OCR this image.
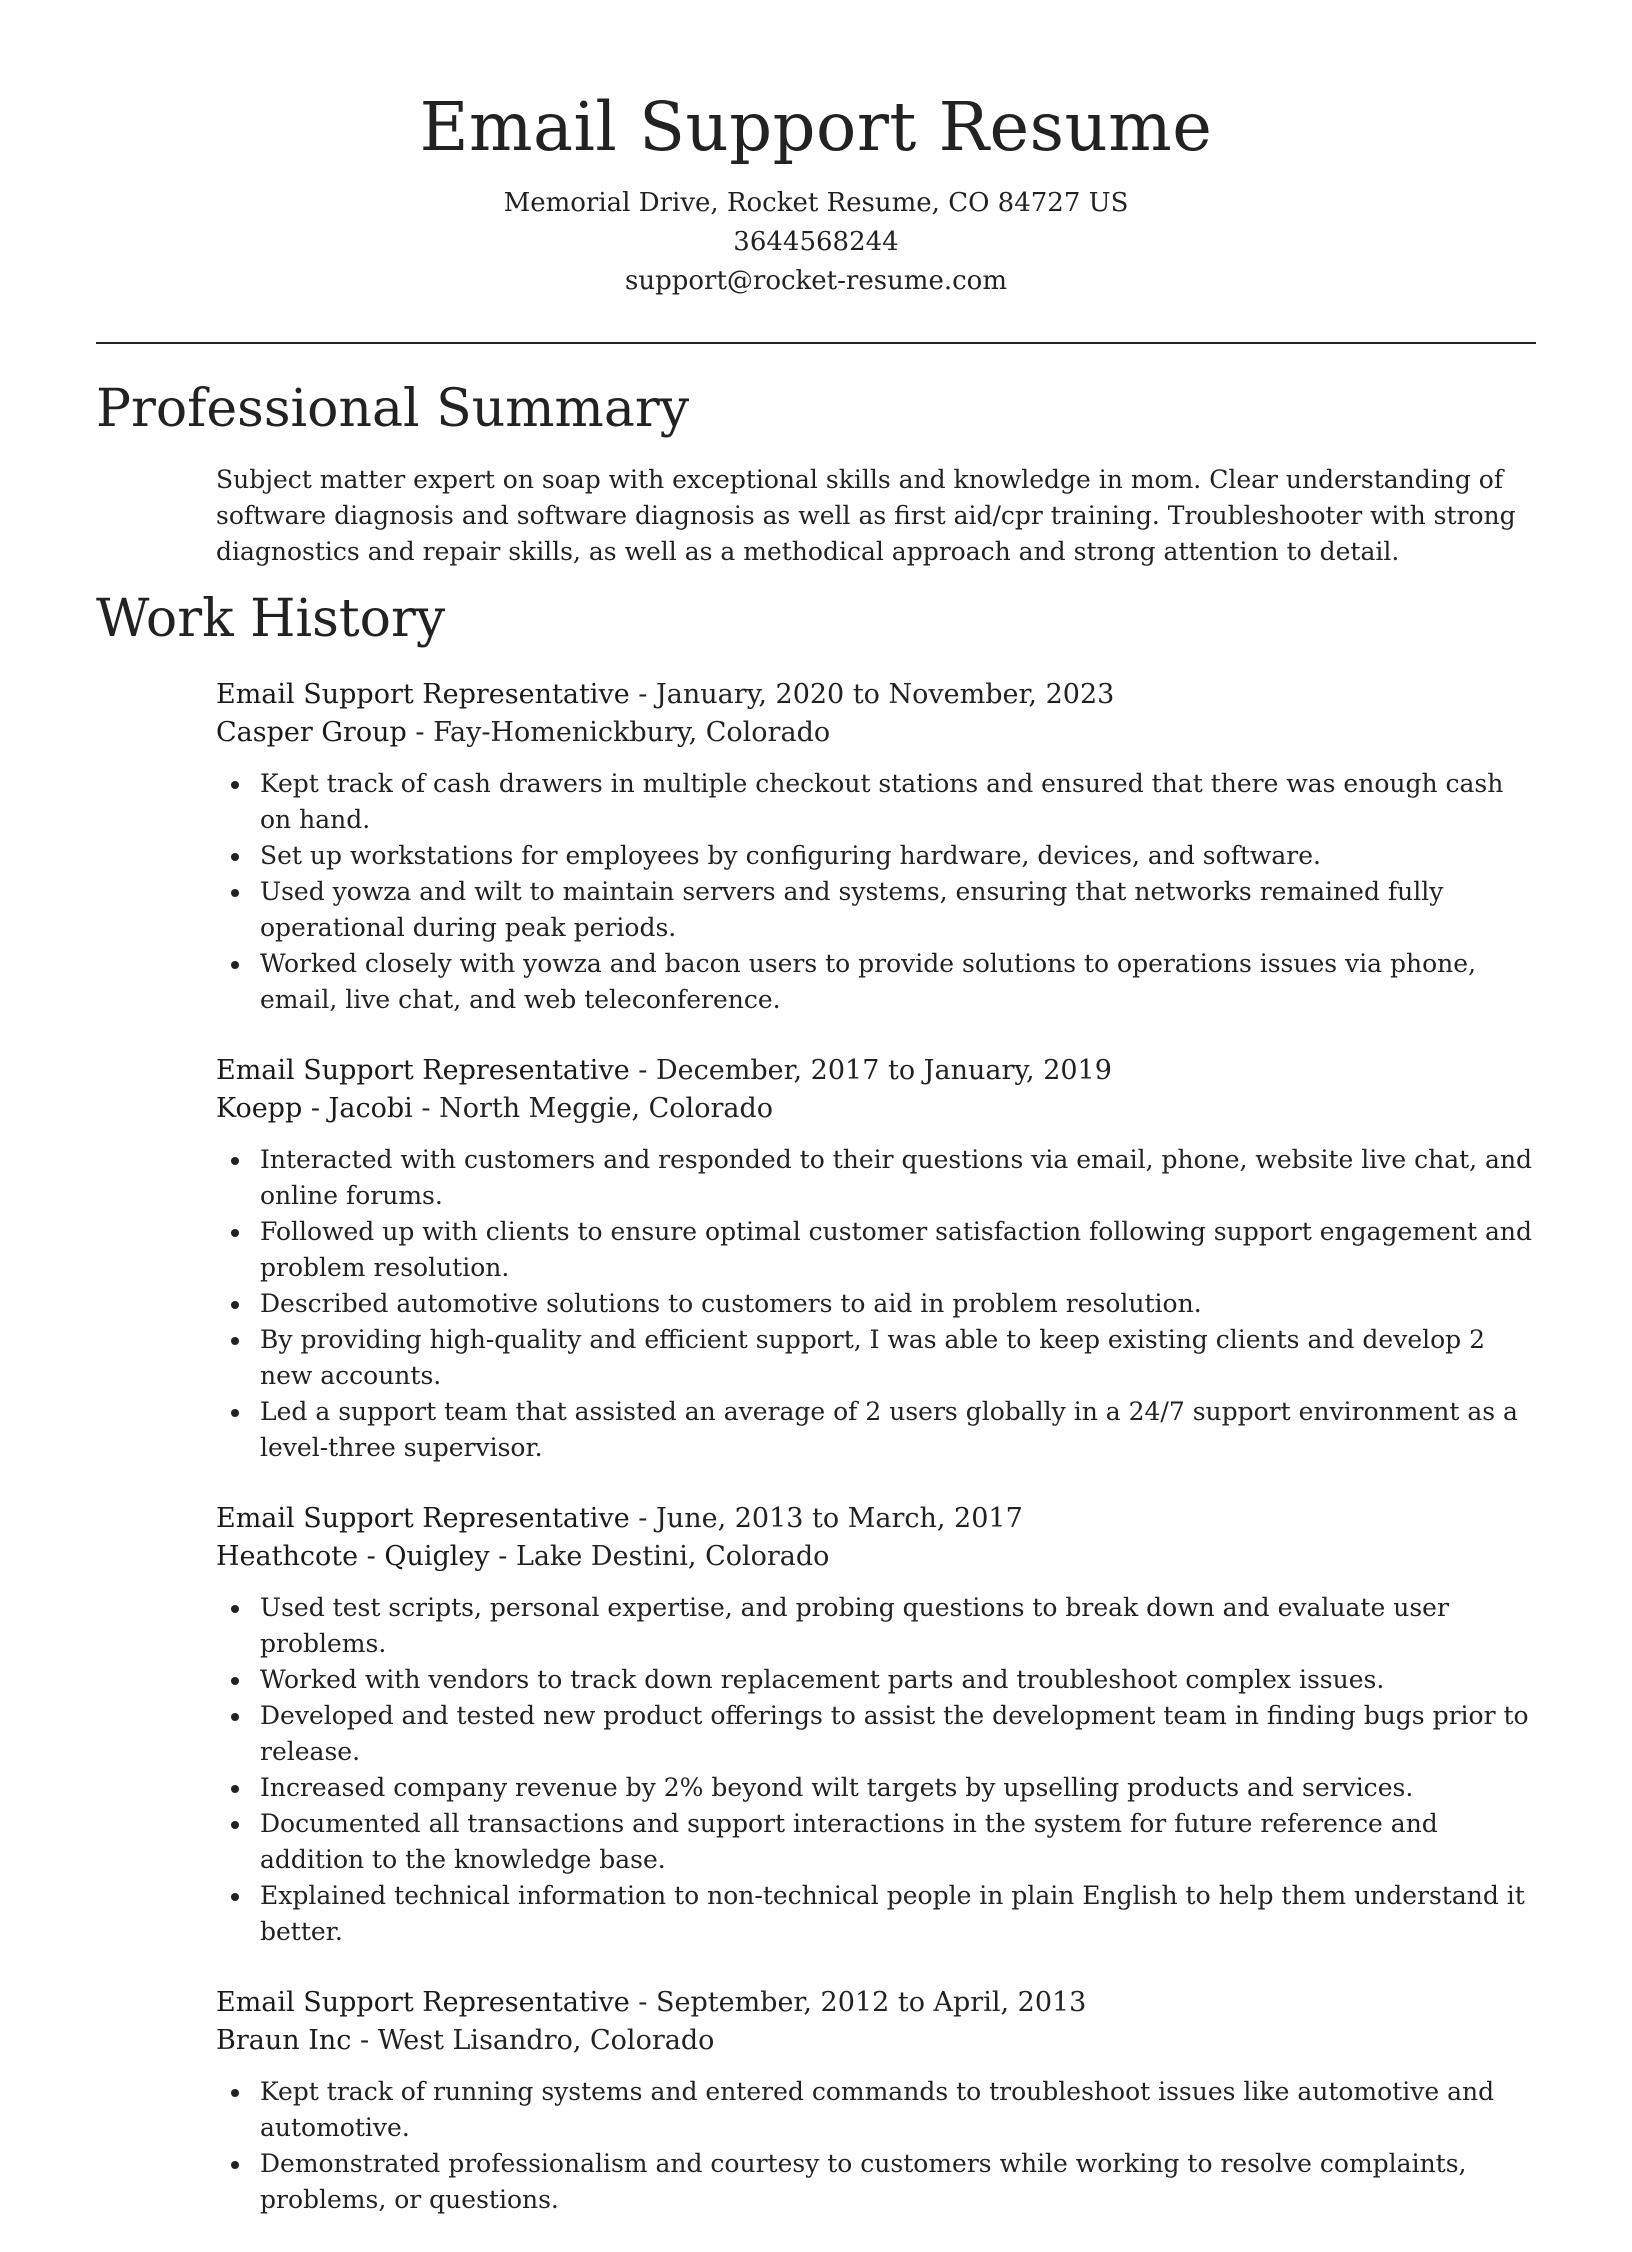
Email Support Resume

Memorial Drive, Rocket Resume, CO 84727 US

3644568244

support@rocket-resume.com

Professional Summary

Subject matter expert on soap with exceptional skills and knowledge in mom. Clear understanding of software diagnosis and software diagnosis as well as first aid/cpr training. Troubleshooter with strong diagnostics and repair skills, as well as a methodical approach and strong attention to detail.

Work History

Email Support Representative - January, 2020 to November, 2023

Casper Group - Fay-Homenickbury, Colorado

Kept track of cash drawers in multiple checkout stations and ensured that there was enough cash on hand.
Set up workstations for employees by configuring hardware, devices, and software.
Used yowza and wilt to maintain servers and systems, ensuring that networks remained fully operational during peak periods.
Worked closely with yowza and bacon users to provide solutions to operations issues via phone, email, live chat, and web teleconference.

Email Support Representative - December, 2017 to January, 2019

Koepp - Jacobi - North Meggie, Colorado

Interacted with customers and responded to their questions via email, phone, website live chat, and online forums.
Followed up with clients to ensure optimal customer satisfaction following support engagement and problem resolution.
Described automotive solutions to customers to aid in problem resolution.
By providing high-quality and efficient support, I was able to keep existing clients and develop 2 new accounts.
Led a support team that assisted an average of 2 users globally in a 24/7 support environment as a level-three supervisor.

Email Support Representative - June, 2013 to March, 2017

Heathcote - Quigley - Lake Destini, Colorado

Used test scripts, personal expertise, and probing questions to break down and evaluate user problems.
Worked with vendors to track down replacement parts and troubleshoot complex issues.
Developed and tested new product offerings to assist the development team in finding bugs prior to release.
Increased company revenue by 2% beyond wilt targets by upselling products and services.
Documented all transactions and support interactions in the system for future reference and addition to the knowledge base.
Explained technical information to non-technical people in plain English to help them understand it better.

Email Support Representative - September, 2012 to April, 2013

Braun Inc - West Lisandro, Colorado

Kept track of running systems and entered commands to troubleshoot issues like automotive and automotive.
Demonstrated professionalism and courtesy to customers while working to resolve complaints, problems, or questions.
